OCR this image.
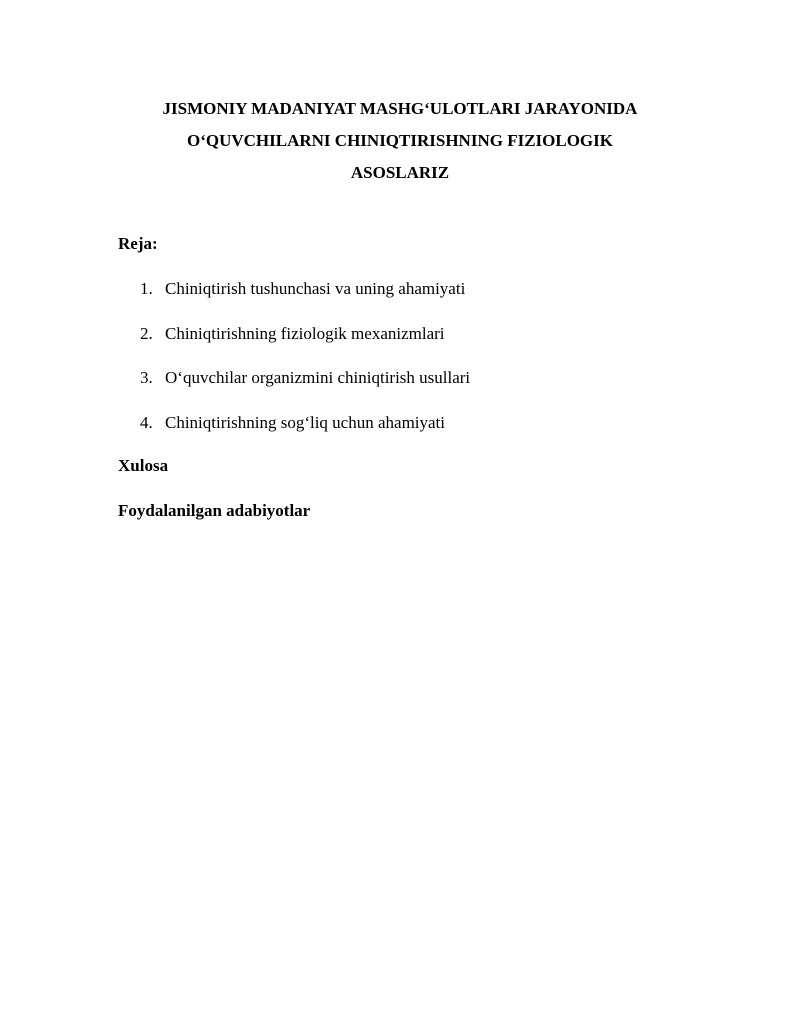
JISMONIY MADANIYAT MASHG‘ULOTLARI JARAYONIDA
O‘QUVCHILARNI CHINIQTIRISHNING FIZIOLOGIK
ASOSLARIZ

Reja:

1. Chiniqtirish tushunchasi va uning ahamiyati
2. Chiniqtirishning fiziologik mexanizmlari
3. O‘quvchilar organizmini chiniqtirish usullari
4. Chiniqtirishning sog‘liq uchun ahamiyati

Xulosa

Foydalanilgan adabiyotlar
